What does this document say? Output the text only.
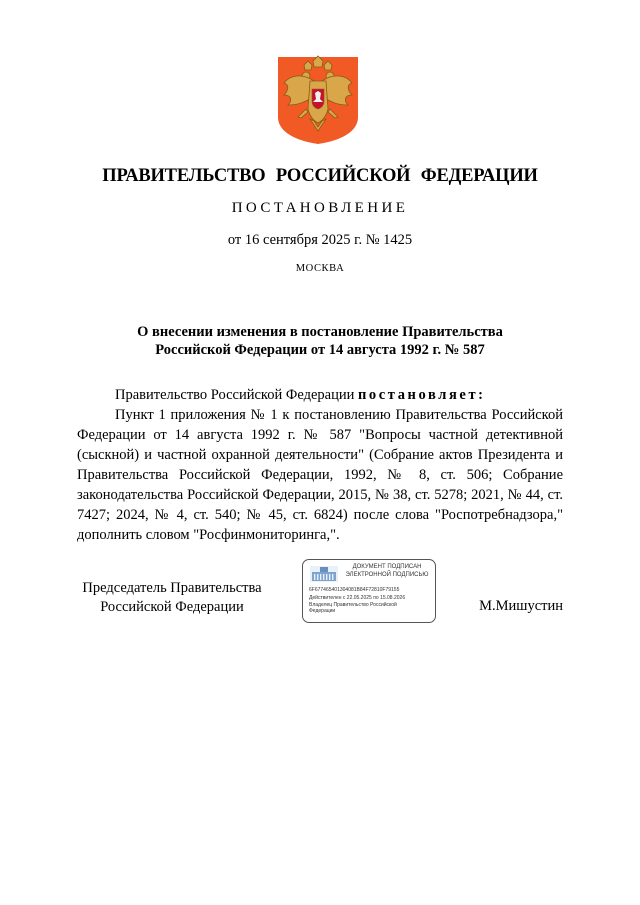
ПРАВИТЕЛЬСТВО РОССИЙСКОЙ ФЕДЕРАЦИИ
ПОСТАНОВЛЕНИЕ
от 16 сентября 2025 г. № 1425
МОСКВА
О внесении изменения в постановление Правительства
Российской Федерации от 14 августа 1992 г. № 587

Правительство Российской Федерации постановляет:

Пункт 1 приложения № 1 к постановлению Правительства Российской Федерации от 14 августа 1992 г. № 587 "Вопросы частной детективной (сыскной) и частной охранной деятельности" (Собрание актов Президента и Правительства Российской Федерации, 1992, № 8, ст. 506; Собрание законодательства Российской Федерации, 2015, № 38, ст. 5278; 2021, № 44, ст. 7427; 2024, № 4, ст. 540; № 45, ст. 6824) после слова "Роспотребнадзора," дополнить словом "Росфинмониторинга,".

Председатель Правительства
Российской Федерации
ДОКУМЕНТ ПОДПИСАН
ЭЛЕКТРОННОЙ ПОДПИСЬЮ
6F677465401304081B84F72810F79155
Действителен с 22.05.2025 по 15.08.2026
Владелец Правительство Российской
Федерации	М.Мишустин
